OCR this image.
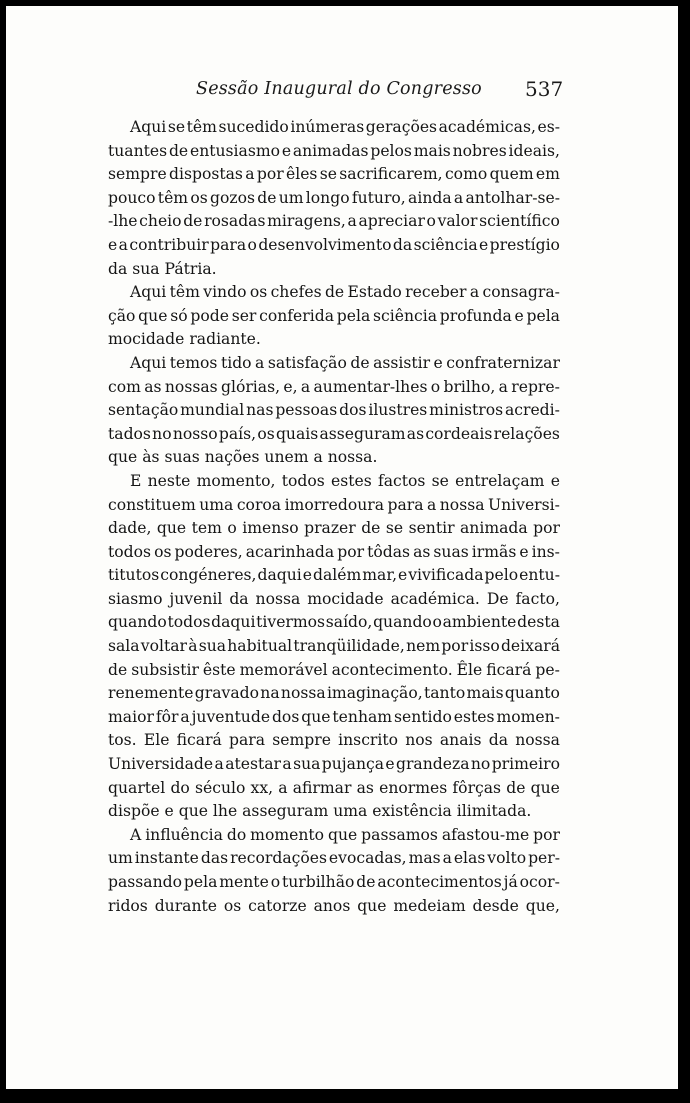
Sessão Inaugural do Congresso 537
Aqui se têm sucedido inúmeras gerações académicas, es-
tuantes de entusiasmo e animadas pelos mais nobres ideais,
sempre dispostas a por êles se sacrificarem, como quem em
pouco têm os gozos de um longo futuro, ainda a antolhar-se-
-lhe cheio de rosadas miragens, a apreciar o valor scientífico
e a contribuir para o desenvolvimento da sciência e prestígio
da sua Pátria.
Aqui têm vindo os chefes de Estado receber a consagra-
ção que só pode ser conferida pela sciência profunda e pela
mocidade radiante.
Aqui temos tido a satisfação de assistir e confraternizar
com as nossas glórias, e, a aumentar-lhes o brilho, a repre-
sentação mundial nas pessoas dos ilustres ministros acredi-
tados no nosso país, os quais asseguram as cordeais relações
que às suas nações unem a nossa.
E neste momento, todos estes factos se entrelaçam e
constituem uma coroa imorredoura para a nossa Universi-
dade, que tem o imenso prazer de se sentir animada por
todos os poderes, acarinhada por tôdas as suas irmãs e ins-
titutos congéneres, daqui e dalém mar, e vivificada pelo entu-
siasmo juvenil da nossa mocidade académica. De facto,
quando todos daqui tivermos saído, quando o ambiente desta
sala voltar à sua habitual tranqüilidade, nem por isso deixará
de subsistir êste memorável acontecimento. Êle ficará pe-
renemente gravado na nossa imaginação, tanto mais quanto
maior fôr a juventude dos que tenham sentido estes momen-
tos. Ele ficará para sempre inscrito nos anais da nossa
Universidade a atestar a sua pujança e grandeza no primeiro
quartel do século xx, a afirmar as enormes fôrças de que
dispõe e que lhe asseguram uma existência ilimitada.
A influência do momento que passamos afastou-me por
um instante das recordações evocadas, mas a elas volto per-
passando pela mente o turbilhão de acontecimentos já ocor-
ridos durante os catorze anos que medeiam desde que,
